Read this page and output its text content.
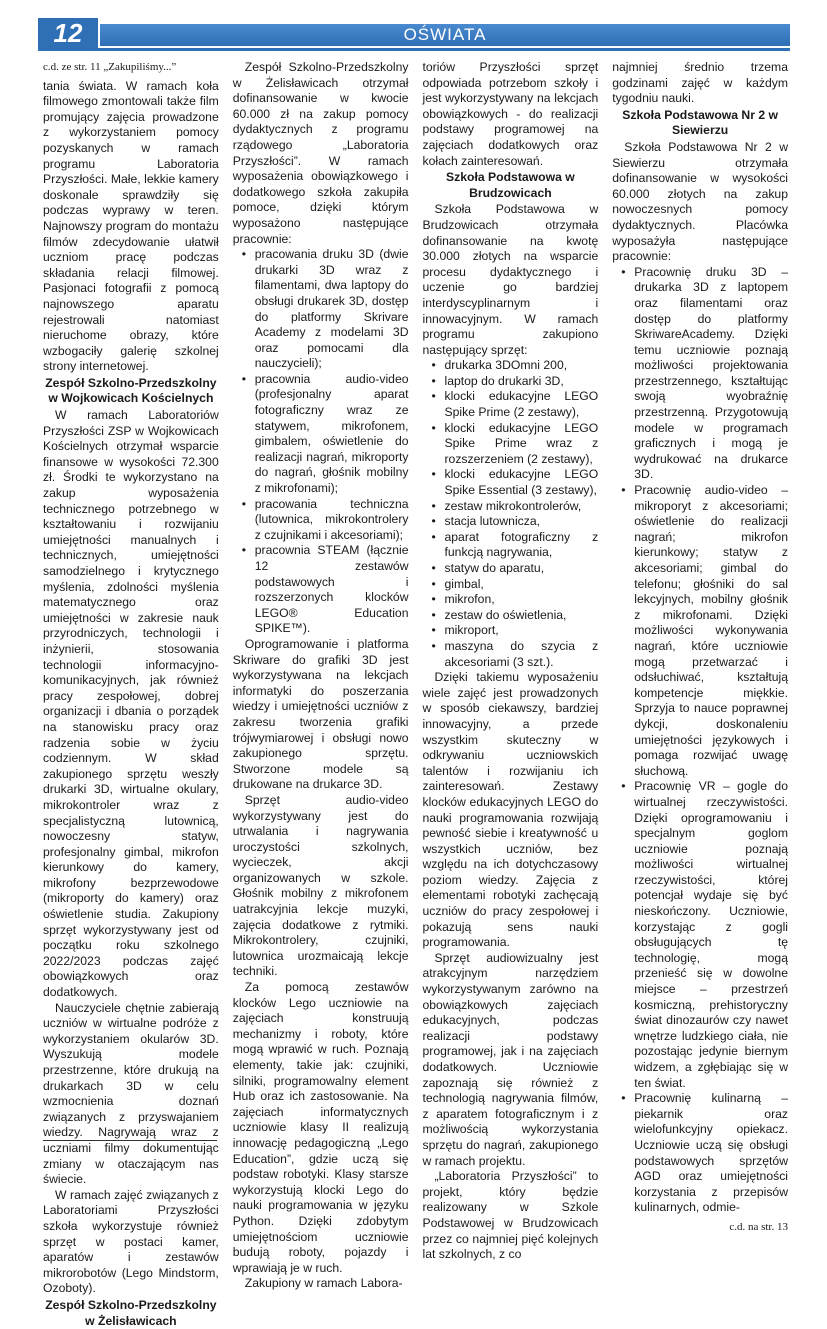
12	OŚWIATA
c.d. ze str. 11 „Zakupiliśmy...”

tania świata. W ramach koła filmowego zmontowali także film promujący zajęcia prowadzone z wykorzystaniem pomocy pozyskanych w ramach programu Laboratoria Przyszłości. Małe, lekkie kamery doskonale sprawdziły się podczas wyprawy w teren. Najnowszy program do montażu filmów zdecydowanie ułatwił uczniom pracę podczas składania relacji filmowej. Pasjonaci fotografii z pomocą najnowszego aparatu rejestrowali natomiast nieruchome obrazy, które wzbogaciły galerię szkolnej strony internetowej.

Zespół Szkolno-Przedszkolny w Wojkowicach Kościelnych

W ramach Laboratoriów Przyszłości ZSP w Wojkowicach Kościelnych otrzymał wsparcie finansowe w wysokości 72.300 zł. Środki te wykorzystano na zakup wyposażenia technicznego potrzebnego w kształtowaniu i rozwijaniu umiejętności manualnych i technicznych, umiejętności samodzielnego i krytycznego myślenia, zdolności myślenia matematycznego oraz umiejętności w zakresie nauk przyrodniczych, technologii i inżynierii, stosowania technologii informacyjno-komunikacyjnych, jak również pracy zespołowej, dobrej organizacji i dbania o porządek na stanowisku pracy oraz radzenia sobie w życiu codziennym. W skład zakupionego sprzętu weszły drukarki 3D, wirtualne okulary, mikrokontroler wraz z specjalistyczną lutownicą, nowoczesny statyw, profesjonalny gimbal, mikrofon kierunkowy do kamery, mikrofony bezprzewodowe (mikroporty do kamery) oraz oświetlenie studia. Zakupiony sprzęt wykorzystywany jest od początku roku szkolnego 2022/2023 podczas zajęć obowiązkowych oraz dodatkowych.

Nauczyciele chętnie zabierają uczniów w wirtualne podróże z wykorzystaniem okularów 3D. Wyszukują modele przestrzenne, które drukują na drukarkach 3D w celu wzmocnienia doznań związanych z przyswajaniem wiedzy. Nagrywają wraz z uczniami filmy dokumentując zmiany w otaczającym nas świecie.

W ramach zajęć związanych z Laboratoriami Przyszłości szkoła wykorzystuje również sprzęt w postaci kamer, aparatów i zestawów mikrorobotów (Lego Mindstorm, Ozoboty).

Zespół Szkolno-Przedszkolny w Żelisławicach

Zespół Szkolno-Przedszkolny w Żelisławicach otrzymał dofinansowanie w kwocie 60.000 zł na zakup pomocy dydaktycznych z programu rządowego „Laboratoria Przyszłości”. W ramach wyposażenia obowiązkowego i dodatkowego szkoła zakupiła pomoce, dzięki którym wyposażono następujące pracownie:

• pracowania druku 3D (dwie drukarki 3D wraz z filamentami, dwa laptopy do obsługi drukarek 3D, dostęp do platformy Skrivare Academy z modelami 3D oraz pomocami dla nauczycieli);
• pracownia audio-video (profesjonalny aparat fotograficzny wraz ze statywem, mikrofonem, gimbalem, oświetlenie do realizacji nagrań, mikroporty do nagrań, głośnik mobilny z mikrofonami);
• pracowania techniczna (lutownica, mikrokontrolery z czujnikami i akcesoriami);
• pracownia STEAM (łącznie 12 zestawów podstawowych i rozszerzonych klocków LEGO® Education SPIKE™).

Oprogramowanie i platforma Skriware do grafiki 3D jest wykorzystywana na lekcjach informatyki do poszerzania wiedzy i umiejętności uczniów z zakresu tworzenia grafiki trójwymiarowej i obsługi nowo zakupionego sprzętu. Stworzone modele są drukowane na drukarce 3D.

Sprzęt audio-video wykorzystywany jest do utrwalania i nagrywania uroczystości szkolnych, wycieczek, akcji organizowanych w szkole. Głośnik mobilny z mikrofonem uatrakcyjnia lekcje muzyki, zajęcia dodatkowe z rytmiki. Mikrokontrolery, czujniki, lutownica urozmaicają lekcje techniki.

Za pomocą zestawów klocków Lego uczniowie na zajęciach konstruują mechanizmy i roboty, które mogą wprawić w ruch. Poznają elementy, takie jak: czujniki, silniki, programowalny element Hub oraz ich zastosowanie. Na zajęciach informatycznych uczniowie klasy II realizują innowację pedagogiczną „Lego Education”, gdzie uczą się podstaw robotyki. Klasy starsze wykorzystują klocki Lego do nauki programowania w języku Python. Dzięki zdobytym umiejętnościom uczniowie budują roboty, pojazdy i wprawiają je w ruch.

Zakupiony w ramach Labora-

toriów Przyszłości sprzęt odpowiada potrzebom szkoły i jest wykorzystywany na lekcjach obowiązkowych - do realizacji podstawy programowej na zajęciach dodatkowych oraz kołach zainteresowań.

Szkoła Podstawowa w Brudzowicach

Szkoła Podstawowa w Brudzowicach otrzymała dofinansowanie na kwotę 30.000 złotych na wsparcie procesu dydaktycznego i uczenie go bardziej interdyscyplinarnym i innowacyjnym. W ramach programu zakupiono następujący sprzęt:

• drukarka 3DOmni 200,
• laptop do drukarki 3D,
• klocki edukacyjne LEGO Spike Prime (2 zestawy),
• klocki edukacyjne LEGO Spike Prime wraz z rozszerzeniem (2 zestawy),
• klocki edukacyjne LEGO Spike Essential (3 zestawy),
• zestaw mikrokontrolerów,
• stacja lutownicza,
• aparat fotograficzny z funkcją nagrywania,
• statyw do aparatu,
• gimbal,
• mikrofon,
• zestaw do oświetlenia,
• mikroport,
• maszyna do szycia z akcesoriami (3 szt.).

Dzięki takiemu wyposażeniu wiele zajęć jest prowadzonych w sposób ciekawszy, bardziej innowacyjny, a przede wszystkim skuteczny w odkrywaniu uczniowskich talentów i rozwijaniu ich zainteresowań. Zestawy klocków edukacyjnych LEGO do nauki programowania rozwijają pewność siebie i kreatywność u wszystkich uczniów, bez względu na ich dotychczasowy poziom wiedzy. Zajęcia z elementami robotyki zachęcają uczniów do pracy zespołowej i pokazują sens nauki programowania.

Sprzęt audiowizualny jest atrakcyjnym narzędziem wykorzystywanym zarówno na obowiązkowych zajęciach edukacyjnych, podczas realizacji podstawy programowej, jak i na zajęciach dodatkowych. Uczniowie zapoznają się również z technologią nagrywania filmów, z aparatem fotograficznym i z możliwością wykorzystania sprzętu do nagrań, zakupionego w ramach projektu.

„Laboratoria Przyszłości” to projekt, który będzie realizowany w Szkole Podstawowej w Brudzowicach przez co najmniej pięć kolejnych lat szkolnych, z co

najmniej średnio trzema godzinami zajęć w każdym tygodniu nauki.

Szkoła Podstawowa Nr 2 w Siewierzu

Szkoła Podstawowa Nr 2 w Siewierzu otrzymała dofinansowanie w wysokości 60.000 złotych na zakup nowoczesnych pomocy dydaktycznych. Placówka wyposażyła następujące pracownie:

• Pracownię druku 3D – drukarka 3D z laptopem oraz filamentami oraz dostęp do platformy SkriwareAcademy. Dzięki temu uczniowie poznają możliwości projektowania przestrzennego, kształtując swoją wyobraźnię przestrzenną. Przygotowują modele w programach graficznych i mogą je wydrukować na drukarce 3D.
• Pracownię audio-video – mikroporyt z akcesoriami; oświetlenie do realizacji nagrań; mikrofon kierunkowy; statyw z akcesoriami; gimbal do telefonu; głośniki do sal lekcyjnych, mobilny głośnik z mikrofonami. Dzięki możliwości wykonywania nagrań, które uczniowie mogą przetwarzać i odsłuchiwać, kształtują kompetencje miękkie. Sprzyja to nauce poprawnej dykcji, doskonaleniu umiejętności językowych i pomaga rozwijać uwagę słuchową.
• Pracownię VR – gogle do wirtualnej rzeczywistości. Dzięki oprogramowaniu i specjalnym goglom uczniowie poznają możliwości wirtualnej rzeczywistości, której potencjał wydaje się być nieskończony. Uczniowie, korzystając z gogli obsługujących tę technologię, mogą przenieść się w dowolne miejsce – przestrzeń kosmiczną, prehistoryczny świat dinozaurów czy nawet wnętrze ludzkiego ciała, nie pozostając jedynie biernym widzem, a zgłębiając się w ten świat.
• Pracownię kulinarną – piekarnik oraz wielofunkcyjny opiekacz. Uczniowie uczą się obsługi podstawowych sprzętów AGD oraz umiejętności korzystania z przepisów kulinarnych, odmie-
c.d. na str. 13
